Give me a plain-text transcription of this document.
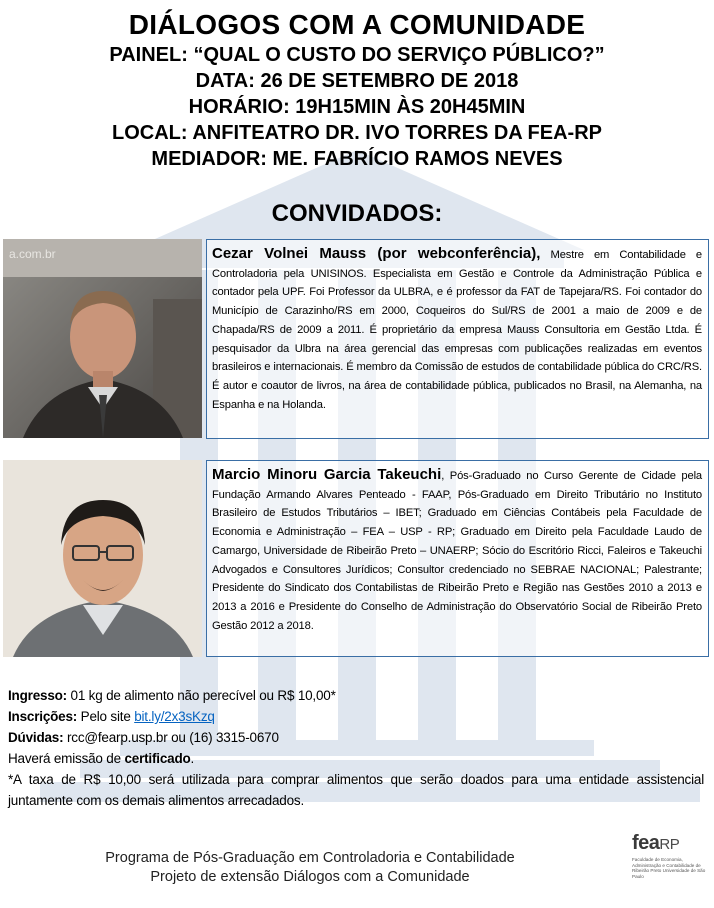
DIÁLOGOS COM A COMUNIDADE
PAINEL: “QUAL O CUSTO DO SERVIÇO PÚBLICO?”
DATA: 26 DE SETEMBRO DE 2018
HORÁRIO: 19H15MIN ÀS 20H45MIN
LOCAL: ANFITEATRO DR. IVO TORRES DA FEA-RP
MEDIADOR: ME. FABRÍCIO RAMOS NEVES
CONVIDADOS:
a.com.br	Cezar Volnei Mauss (por webconferência), Mestre em Contabilidade e Controladoria pela UNISINOS. Especialista em Gestão e Controle da Administração Pública e contador pela UPF. Foi Professor da ULBRA, e é professor da FAT de Tapejara/RS. Foi contador do Município de Carazinho/RS em 2000, Coqueiros do Sul/RS de 2001 a maio de 2009 e de Chapada/RS de 2009 a 2011. É proprietário da empresa Mauss Consultoria em Gestão Ltda. É pesquisador da Ulbra na área gerencial das empresas com publicações realizadas em eventos brasileiros e internacionais. É membro da Comissão de estudos de contabilidade pública do CRC/RS. É autor e coautor de livros, na área de contabilidade pública, publicados no Brasil, na Alemanha, na Espanha e na Holanda.
Marcio Minoru Garcia Takeuchi, Pós-Graduado no Curso Gerente de Cidade pela Fundação Armando Alvares Penteado - FAAP, Pós-Graduado em Direito Tributário no Instituto Brasileiro de Estudos Tributários – IBET; Graduado em Ciências Contábeis pela Faculdade de Economia e Administração – FEA – USP - RP; Graduado em Direito pela Faculdade Laudo de Camargo, Universidade de Ribeirão Preto – UNAERP; Sócio do Escritório Ricci, Faleiros e Takeuchi Advogados e Consultores Jurídicos; Consultor credenciado no SEBRAE NACIONAL; Palestrante; Presidente do Sindicato dos Contabilistas de Ribeirão Preto e Região nas Gestões 2010 a 2013 e 2013 a 2016 e Presidente do Conselho de Administração do Observatório Social de Ribeirão Preto Gestão 2012 a 2018.
Ingresso: 01 kg de alimento não perecível ou R$ 10,00*
Inscrições: Pelo site bit.ly/2x3sKzq
Dúvidas: rcc@fearp.usp.br ou (16) 3315-0670
Haverá emissão de certificado.
*A taxa de R$ 10,00 será utilizada para comprar alimentos que serão doados para uma entidade assistencial juntamente com os demais alimentos arrecadados.
Programa de Pós-Graduação em Controladoria e Contabilidade
Projeto de extensão Diálogos com a Comunidade
feaRP
Faculdade de Economia, Administração e Contabilidade de Ribeirão Preto Universidade de São Paulo
